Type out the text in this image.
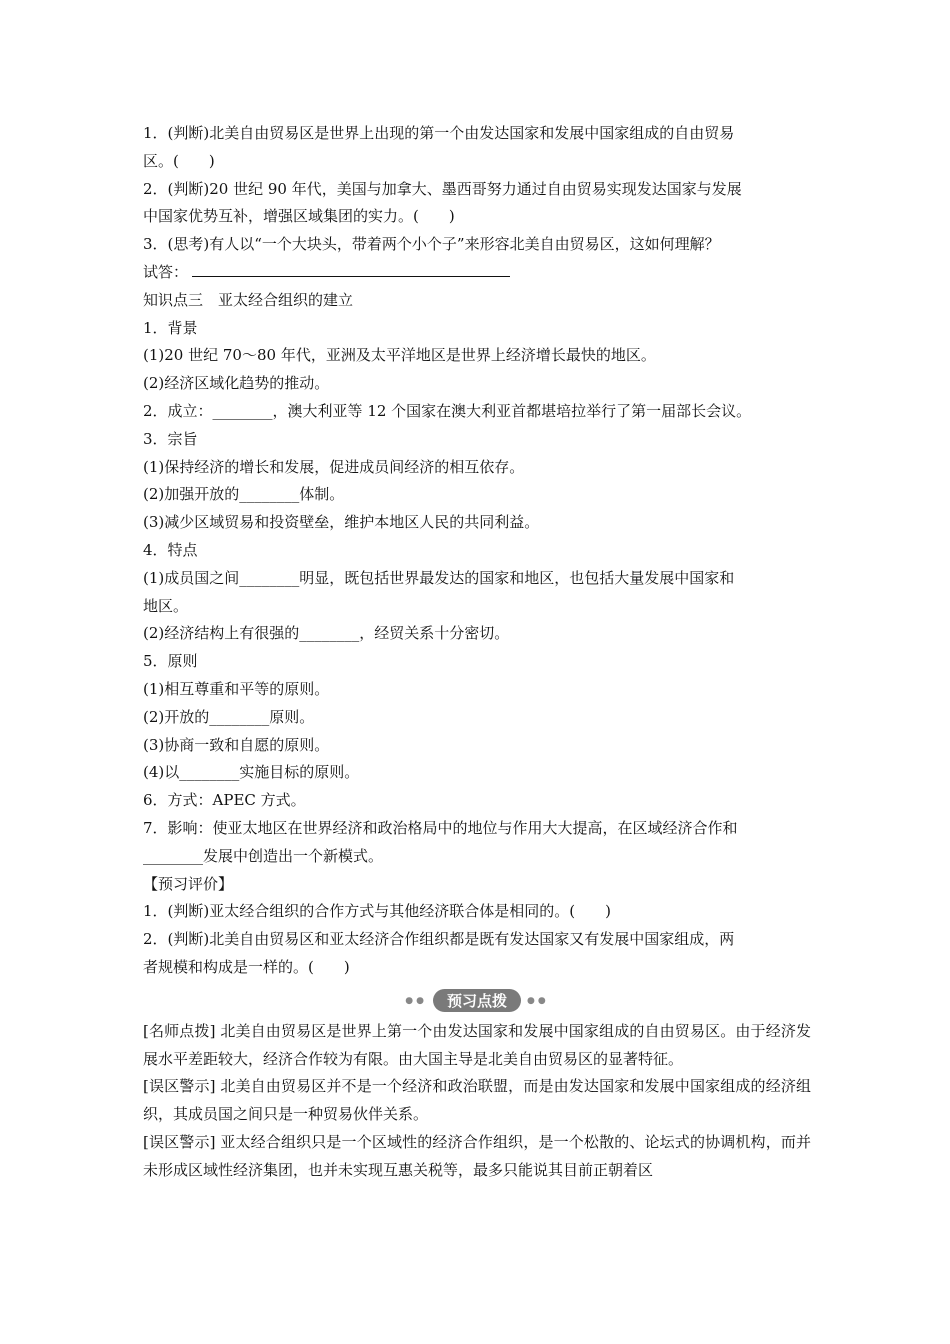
1．(判断)北美自由贸易区是世界上出现的第一个由发达国家和发展中国家组成的自由贸易
区。(　　)
2．(判断)20 世纪 90 年代，美国与加拿大、墨西哥努力通过自由贸易实现发达国家与发展
中国家优势互补，增强区域集团的实力。(　　)
3．(思考)有人以“一个大块头，带着两个小个子”来形容北美自由贸易区，这如何理解？
试答：
知识点三　亚太经合组织的建立
1．背景
(1)20 世纪 70～80 年代，亚洲及太平洋地区是世界上经济增长最快的地区。
(2)经济区域化趋势的推动。
2．成立：________，澳大利亚等 12 个国家在澳大利亚首都堪培拉举行了第一届部长会议。
3．宗旨
(1)保持经济的增长和发展，促进成员间经济的相互依存。
(2)加强开放的________体制。
(3)减少区域贸易和投资壁垒，维护本地区人民的共同利益。
4．特点
(1)成员国之间________明显，既包括世界最发达的国家和地区，也包括大量发展中国家和
地区。
(2)经济结构上有很强的________，经贸关系十分密切。
5．原则
(1)相互尊重和平等的原则。
(2)开放的________原则。
(3)协商一致和自愿的原则。
(4)以________实施目标的原则。
6．方式：APEC 方式。
7．影响：使亚太地区在世界经济和政治格局中的地位与作用大大提高，在区域经济合作和
________发展中创造出一个新模式。
【预习评价】
1．(判断)亚太经合组织的合作方式与其他经济联合体是相同的。(　　)
2．(判断)北美自由贸易区和亚太经济合作组织都是既有发达国家又有发展中国家组成，两
者规模和构成是一样的。(　　)
●●	预习点拨	●●
[名师点拨] 北美自由贸易区是世界上第一个由发达国家和发展中国家组成的自由贸易区。由于经济发展水平差距较大，经济合作较为有限。由大国主导是北美自由贸易区的显著特征。
[误区警示] 北美自由贸易区并不是一个经济和政治联盟，而是由发达国家和发展中国家组成的经济组织，其成员国之间只是一种贸易伙伴关系。
[误区警示] 亚太经合组织只是一个区域性的经济合作组织，是一个松散的、论坛式的协调机构，而并未形成区域性经济集团，也并未实现互惠关税等，最多只能说其目前正朝着区
